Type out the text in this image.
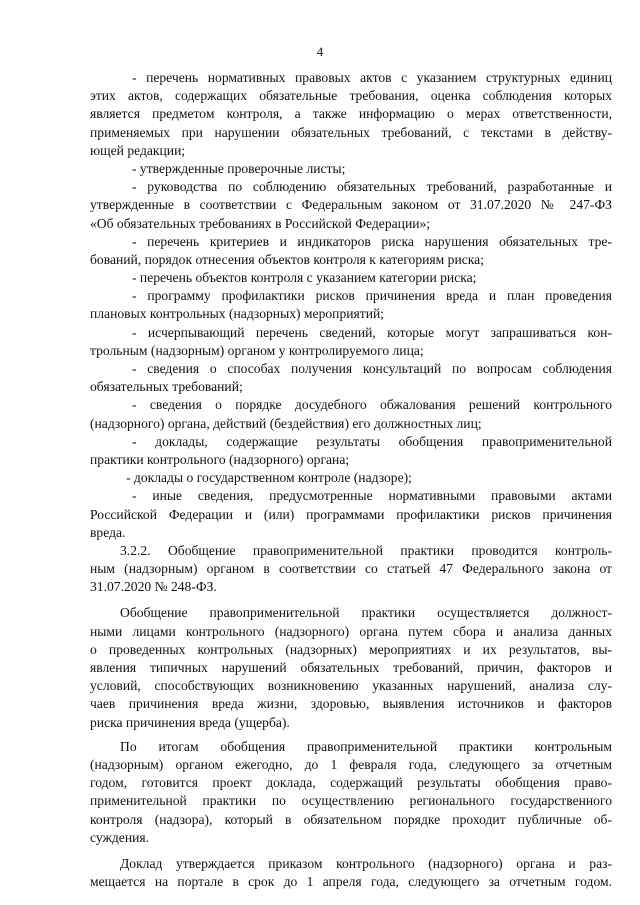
4
- перечень нормативных правовых актов с указанием структурных единиц
этих актов, содержащих обязательные требования, оценка соблюдения которых
является предметом контроля, а также информацию о мерах ответственности,
применяемых при нарушении обязательных требований, с текстами в действу-
ющей редакции;
- утвержденные проверочные листы;
- руководства по соблюдению обязательных требований, разработанные и
утвержденные в соответствии с Федеральным законом от 31.07.2020 № 247-ФЗ
«Об обязательных требованиях в Российской Федерации»;
- перечень критериев и индикаторов риска нарушения обязательных тре-
бований, порядок отнесения объектов контроля к категориям риска;
- перечень объектов контроля с указанием категории риска;
- программу профилактики рисков причинения вреда и план проведения
плановых контрольных (надзорных) мероприятий;
- исчерпывающий перечень сведений, которые могут запрашиваться кон-
трольным (надзорным) органом у контролируемого лица;
- сведения о способах получения консультаций по вопросам соблюдения
обязательных требований;
- сведения о порядке досудебного обжалования решений контрольного
(надзорного) органа, действий (бездействия) его должностных лиц;
- доклады, содержащие результаты обобщения правоприменительной
практики контрольного (надзорного) органа;
- доклады о государственном контроле (надзоре);
- иные сведения, предусмотренные нормативными правовыми актами
Российской Федерации и (или) программами профилактики рисков причинения
вреда.
3.2.2. Обобщение правоприменительной практики проводится контроль-
ным (надзорным) органом в соответствии со статьей 47 Федерального закона от
31.07.2020 № 248-ФЗ.
Обобщение правоприменительной практики осуществляется должност-
ными лицами контрольного (надзорного) органа путем сбора и анализа данных
о проведенных контрольных (надзорных) мероприятиях и их результатов, вы-
явления типичных нарушений обязательных требований, причин, факторов и
условий, способствующих возникновению указанных нарушений, анализа слу-
чаев причинения вреда жизни, здоровью, выявления источников и факторов
риска причинения вреда (ущерба).
По итогам обобщения правоприменительной практики контрольным
(надзорным) органом ежегодно, до 1 февраля года, следующего за отчетным
годом, готовится проект доклада, содержащий результаты обобщения право-
применительной практики по осуществлению регионального государственного
контроля (надзора), который в обязательном порядке проходит публичные об-
суждения.
Доклад утверждается приказом контрольного (надзорного) органа и раз-
мещается на портале в срок до 1 апреля года, следующего за отчетным годом.
